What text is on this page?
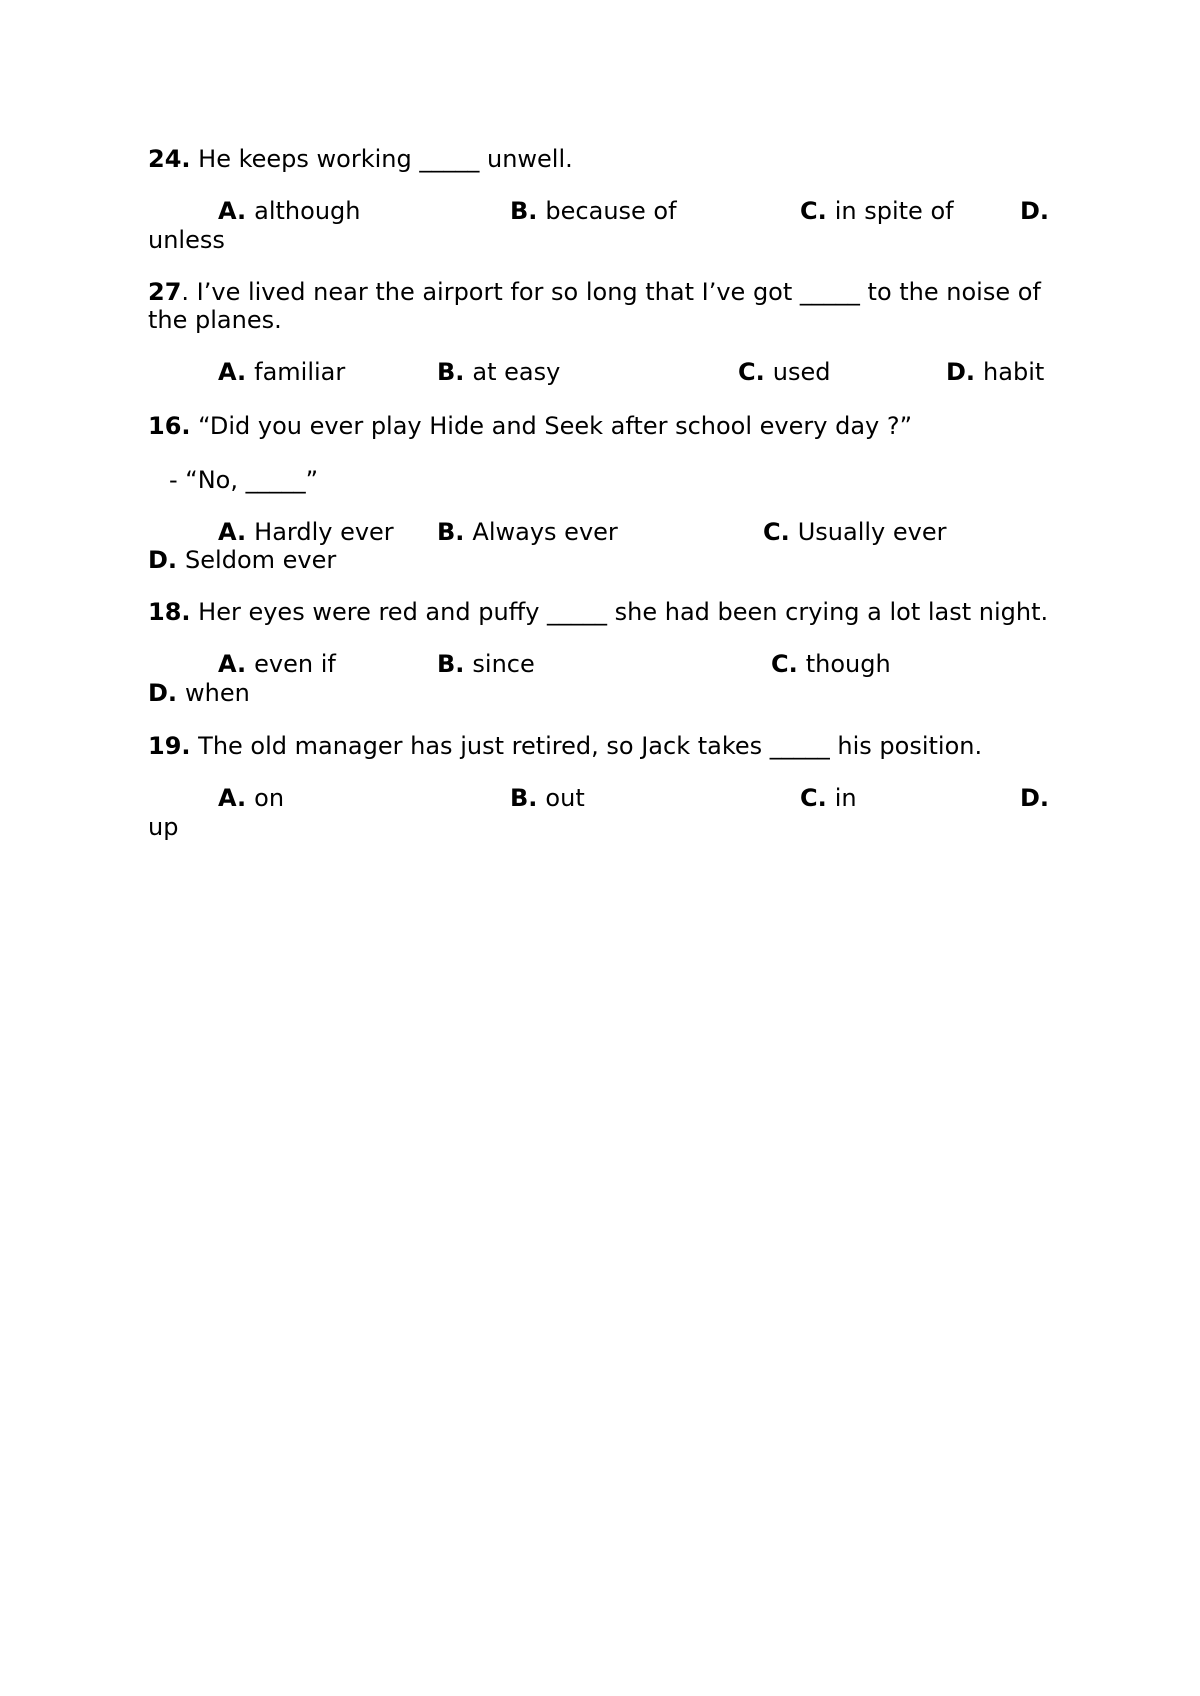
24. He keeps working _____ unwell.
A. although	B. because of	C. in spite of	D.
unless
27. I’ve lived near the airport for so long that I’ve got _____ to the noise of
the planes.
A. familiar	B. at easy	C. used	D. habit
16. “Did you ever play Hide and Seek after school every day ?”
- “No, _____”
A. Hardly ever B. Always ever	C. Usually ever
D. Seldom ever
18. Her eyes were red and puffy _____ she had been crying a lot last night.
A. even if	B. since	C. though
D. when
19. The old manager has just retired, so Jack takes _____ his position.
A. on	B. out	C. in	D.
up
